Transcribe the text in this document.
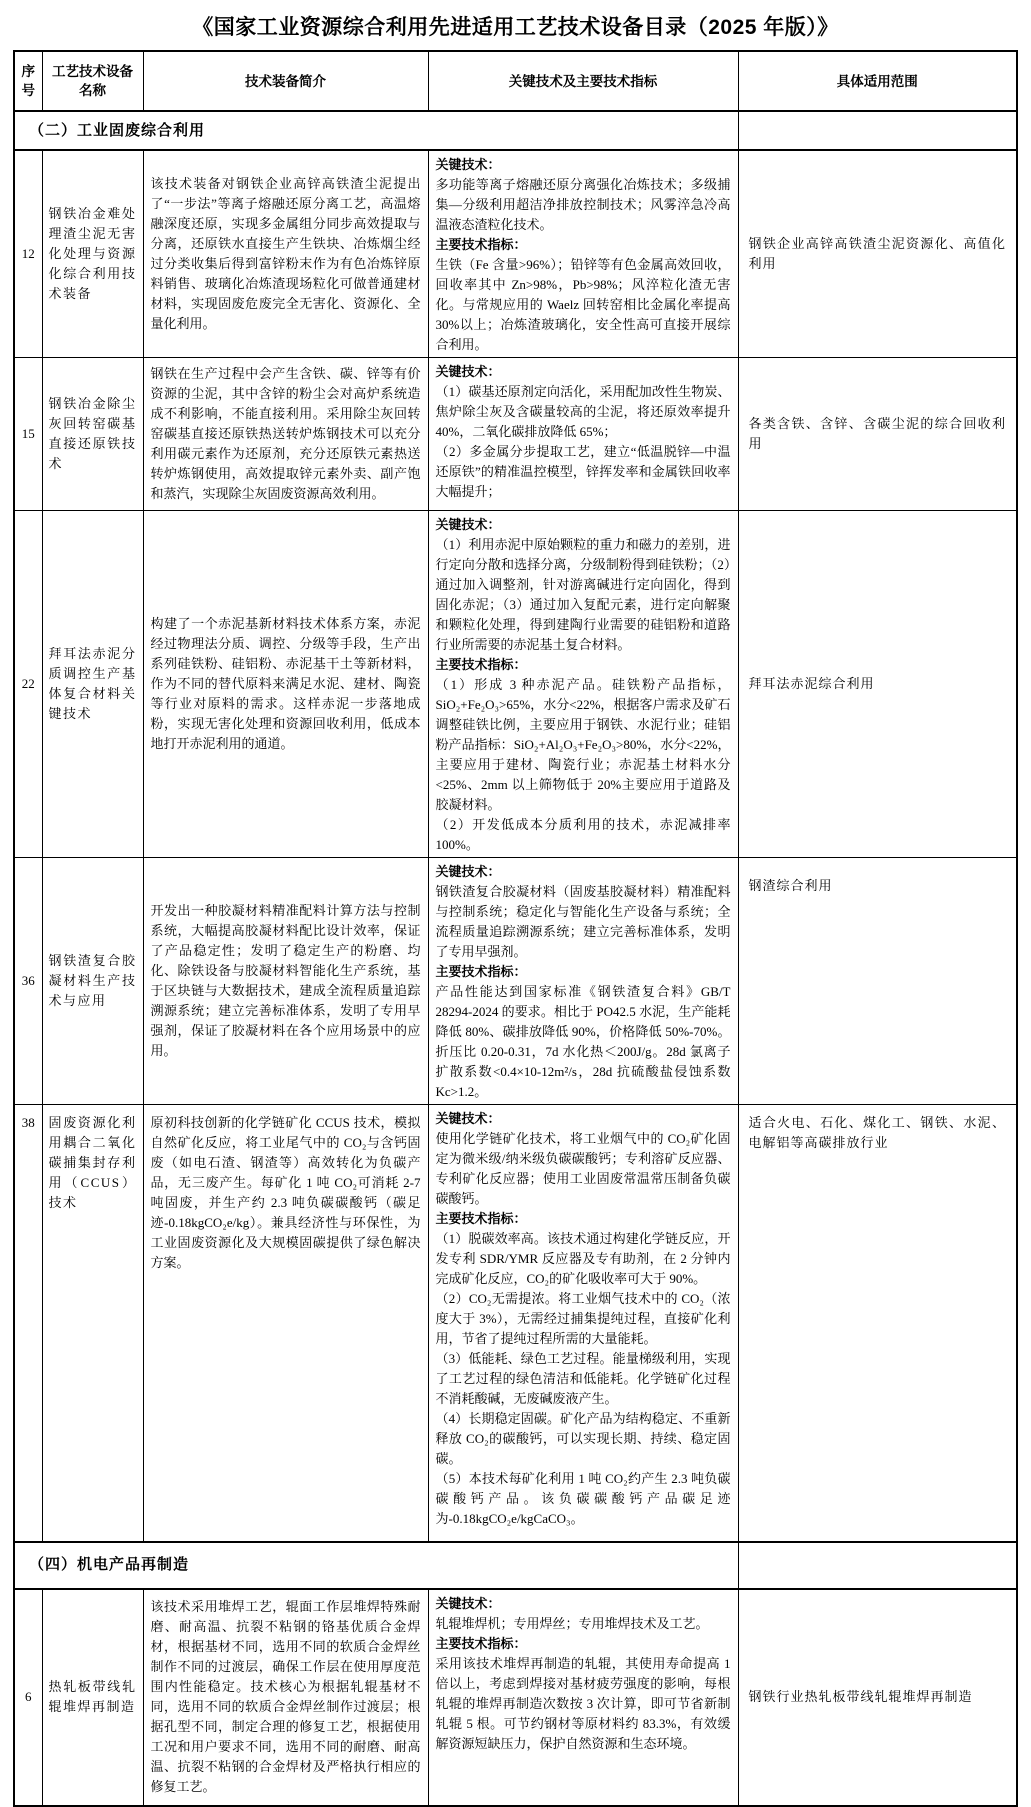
《国家工业资源综合利用先进适用工艺技术设备目录（2025 年版）》
序号	工艺技术设备名称	技术装备简介	关键技术及主要技术指标	具体适用范围
（二）工业固废综合利用				
12	钢铁冶金难处理渣尘泥无害化处理与资源化综合利用技术装备	该技术装备对钢铁企业高锌高铁渣尘泥提出了“一步法”等离子熔融还原分离工艺，高温熔融深度还原，实现多金属组分同步高效提取与分离，还原铁水直接生产生铁块、冶炼烟尘经过分类收集后得到富锌粉末作为有色冶炼锌原料销售、玻璃化冶炼渣现场粒化可做普通建材材料，实现固废危废完全无害化、资源化、全量化利用。	关键技术：
多功能等离子熔融还原分离强化冶炼技术；多级捕集—分级利用超洁净排放控制技术；风雾淬急冷高温液态渣粒化技术。
主要技术指标：
生铁（Fe 含量>96%）；铅锌等有色金属高效回收，回收率其中 Zn>98%，Pb>98%；风淬粒化渣无害化。与常规应用的 Waelz 回转窑相比金属化率提高 30%以上；冶炼渣玻璃化，安全性高可直接开展综合利用。	钢铁企业高锌高铁渣尘泥资源化、高值化利用
15	钢铁冶金除尘灰回转窑碳基直接还原铁技术	钢铁在生产过程中会产生含铁、碳、锌等有价资源的尘泥，其中含锌的粉尘会对高炉系统造成不利影响，不能直接利用。采用除尘灰回转窑碳基直接还原铁热送转炉炼钢技术可以充分利用碳元素作为还原剂，充分还原铁元素热送转炉炼钢使用，高效提取锌元素外卖、副产饱和蒸汽，实现除尘灰固废资源高效利用。	关键技术：
（1）碳基还原剂定向活化，采用配加改性生物炭、焦炉除尘灰及含碳量较高的尘泥，将还原效率提升 40%，二氧化碳排放降低 65%；
（2）多金属分步提取工艺，建立“低温脱锌—中温还原铁”的精准温控模型，锌挥发率和金属铁回收率大幅提升；	各类含铁、含锌、含碳尘泥的综合回收利用
22	拜耳法赤泥分质调控生产基体复合材料关键技术	构建了一个赤泥基新材料技术体系方案，赤泥经过物理法分质、调控、分级等手段，生产出系列硅铁粉、硅铝粉、赤泥基干土等新材料，作为不同的替代原料来满足水泥、建材、陶瓷等行业对原料的需求。这样赤泥一步落地成粉，实现无害化处理和资源回收利用，低成本地打开赤泥利用的通道。	关键技术：
（1）利用赤泥中原始颗粒的重力和磁力的差别，进行定向分散和选择分离，分级制粉得到硅铁粉；（2）通过加入调整剂，针对游离碱进行定向固化，得到固化赤泥；（3）通过加入复配元素，进行定向解聚和颗粒化处理，得到建陶行业需要的硅铝粉和道路行业所需要的赤泥基土复合材料。
主要技术指标：
（1）形成 3 种赤泥产品。硅铁粉产品指标，SiO₂+Fe₂O₃>65%，水分<22%，根据客户需求及矿石调整硅铁比例，主要应用于钢铁、水泥行业；硅铝粉产品指标：SiO₂+Al₂O₃+Fe₂O₃>80%，水分<22%，主要应用于建材、陶瓷行业；赤泥基土材料水分<25%、2mm 以上筛物低于 20%主要应用于道路及胶凝材料。
（2）开发低成本分质利用的技术，赤泥减排率 100%。	拜耳法赤泥综合利用
36	钢铁渣复合胶凝材料生产技术与应用	开发出一种胶凝材料精准配料计算方法与控制系统，大幅提高胶凝材料配比设计效率，保证了产品稳定性；发明了稳定生产的粉磨、均化、除铁设备与胶凝材料智能化生产系统，基于区块链与大数据技术，建成全流程质量追踪溯源系统；建立完善标准体系，发明了专用早强剂，保证了胶凝材料在各个应用场景中的应用。	关键技术：
钢铁渣复合胶凝材料（固废基胶凝材料）精准配料与控制系统；稳定化与智能化生产设备与系统；全流程质量追踪溯源系统；建立完善标准体系，发明了专用早强剂。
主要技术指标：
产品性能达到国家标准《钢铁渣复合料》GB/T 28294-2024 的要求。相比于 PO42.5 水泥，生产能耗降低 80%、碳排放降低 90%，价格降低 50%-70%。折压比 0.20-0.31，7d 水化热＜200J/g。28d 氯离子扩散系数<0.4×10-12m²/s，28d 抗硫酸盐侵蚀系数 Kc>1.2。	钢渣综合利用
38	固废资源化利用耦合二氧化碳捕集封存利用（CCUS）技术	原初科技创新的化学链矿化 CCUS 技术，模拟自然矿化反应，将工业尾气中的 CO₂与含钙固废（如电石渣、钢渣等）高效转化为负碳产品，无三废产生。每矿化 1 吨 CO₂可消耗 2-7 吨固废，并生产约 2.3 吨负碳碳酸钙（碳足迹-0.18kgCO₂e/kg）。兼具经济性与环保性，为工业固废资源化及大规模固碳提供了绿色解决方案。	
关键技术：
使用化学链矿化技术，将工业烟气中的 CO₂矿化固定为微米级/纳米级负碳碳酸钙；专利溶矿反应器、专利矿化反应器；使用工业固废常温常压制备负碳碳酸钙。
主要技术指标：
（1）脱碳效率高。该技术通过构建化学链反应，开发专利 SDR/YMR 反应器及专有助剂，在 2 分钟内完成矿化反应，CO₂的矿化吸收率可大于 90%。
（2）CO₂无需提浓。将工业烟气技术中的 CO₂（浓度大于 3%），无需经过捕集提纯过程，直接矿化利用，节省了提纯过程所需的大量能耗。
（3）低能耗、绿色工艺过程。能量梯级利用，实现了工艺过程的绿色清洁和低能耗。化学链矿化过程不消耗酸碱，无废碱废液产生。
（4）长期稳定固碳。矿化产品为结构稳定、不重新释放 CO₂的碳酸钙，可以实现长期、持续、稳定固碳。
（5）本技术每矿化利用 1 吨 CO₂约产生 2.3 吨负碳碳酸钙产品。该负碳碳酸钙产品碳足迹为-0.18kgCO₂e/kgCaCO₃。
	适合火电、石化、煤化工、钢铁、水泥、电解铝等高碳排放行业
（四）机电产品再制造				
6	热轧板带线轧辊堆焊再制造	该技术采用堆焊工艺，辊面工作层堆焊特殊耐磨、耐高温、抗裂不粘钢的铬基优质合金焊材，根据基材不同，选用不同的软质合金焊丝制作不同的过渡层，确保工作层在使用厚度范围内性能稳定。技术核心为根据轧辊基材不同，选用不同的软质合金焊丝制作过渡层；根据孔型不同，制定合理的修复工艺，根据使用工况和用户要求不同，选用不同的耐磨、耐高温、抗裂不粘钢的合金焊材及严格执行相应的修复工艺。	关键技术：
轧辊堆焊机；专用焊丝；专用堆焊技术及工艺。
主要技术指标：
采用该技术堆焊再制造的轧辊，其使用寿命提高 1 倍以上，考虑到焊接对基材疲劳强度的影响，每根轧辊的堆焊再制造次数按 3 次计算，即可节省新制轧辊 5 根。可节约钢材等原材料约 83.3%，有效缓解资源短缺压力，保护自然资源和生态环境。	钢铁行业热轧板带线轧辊堆焊再制造
